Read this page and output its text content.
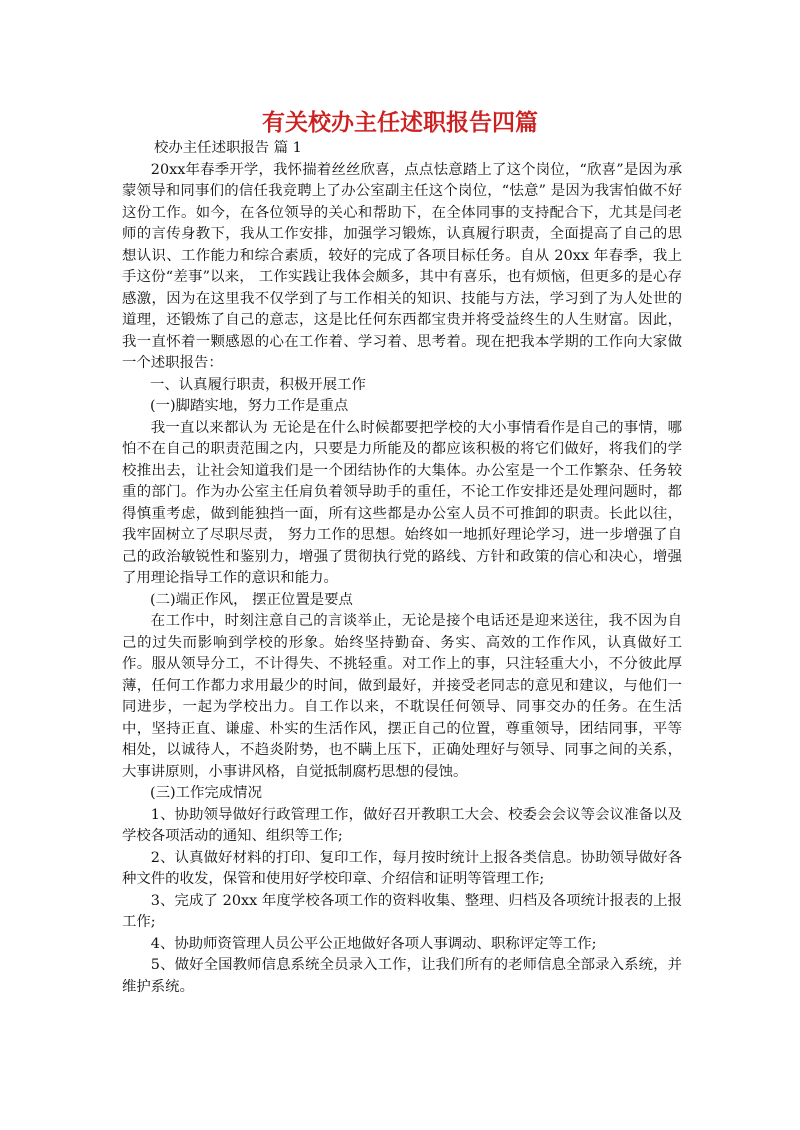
有关校办主任述职报告四篇

校办主任述职报告 篇 1

20xx年春季开学，我怀揣着丝丝欣喜，点点怯意踏上了这个岗位，“欣喜”是因为承蒙领导和同事们的信任我竞聘上了办公室副主任这个岗位，“怯意” 是因为我害怕做不好这份工作。如今，在各位领导的关心和帮助下，在全体同事的支持配合下，尤其是闫老师的言传身教下，我从工作安排，加强学习锻炼，认真履行职责，全面提高了自己的思想认识、工作能力和综合素质，较好的完成了各项目标任务。自从 20xx 年春季，我上手这份“差事”以来， 工作实践让我体会颇多，其中有喜乐，也有烦恼，但更多的是心存感激，因为在这里我不仅学到了与工作相关的知识、技能与方法，学习到了为人处世的道理，还锻炼了自己的意志，这是比任何东西都宝贵并将受益终生的人生财富。因此，我一直怀着一颗感恩的心在工作着、学习着、思考着。现在把我本学期的工作向大家做一个述职报告：

一、认真履行职责，积极开展工作

(一)脚踏实地，努力工作是重点

我一直以来都认为 无论是在什么时候都要把学校的大小事情看作是自己的事情，哪怕不在自己的职责范围之内，只要是力所能及的都应该积极的将它们做好，将我们的学校推出去，让社会知道我们是一个团结协作的大集体。办公室是一个工作繁杂、任务较重的部门。作为办公室主任肩负着领导助手的重任，不论工作安排还是处理问题时，都得慎重考虑，做到能独挡一面，所有这些都是办公室人员不可推卸的职责。长此以往，我牢固树立了尽职尽责， 努力工作的思想。始终如一地抓好理论学习，进一步增强了自己的政治敏锐性和鉴别力，增强了贯彻执行党的路线、方针和政策的信心和决心，增强了用理论指导工作的意识和能力。

(二)端正作风， 摆正位置是要点

在工作中，时刻注意自己的言谈举止，无论是接个电话还是迎来送往，我不因为自己的过失而影响到学校的形象。始终坚持勤奋、务实、高效的工作作风，认真做好工作。服从领导分工，不计得失、不挑轻重。对工作上的事，只注轻重大小，不分彼此厚薄，任何工作都力求用最少的时间，做到最好，并接受老同志的意见和建议，与他们一同进步，一起为学校出力。自工作以来，不耽误任何领导、同事交办的任务。在生活中，坚持正直、谦虚、朴实的生活作风，摆正自己的位置，尊重领导，团结同事，平等相处，以诚待人，不趋炎附势，也不瞒上压下，正确处理好与领导、同事之间的关系，大事讲原则，小事讲风格，自觉抵制腐朽思想的侵蚀。

(三)工作完成情况

1、协助领导做好行政管理工作，做好召开教职工大会、校委会会议等会议准备以及学校各项活动的通知、组织等工作;

2、认真做好材料的打印、复印工作，每月按时统计上报各类信息。协助领导做好各种文件的收发，保管和使用好学校印章、介绍信和证明等管理工作;

3、完成了 20xx 年度学校各项工作的资料收集、整理、归档及各项统计报表的上报工作;

4、协助师资管理人员公平公正地做好各项人事调动、职称评定等工作;

5、做好全国教师信息系统全员录入工作，让我们所有的老师信息全部录入系统，并维护系统。
